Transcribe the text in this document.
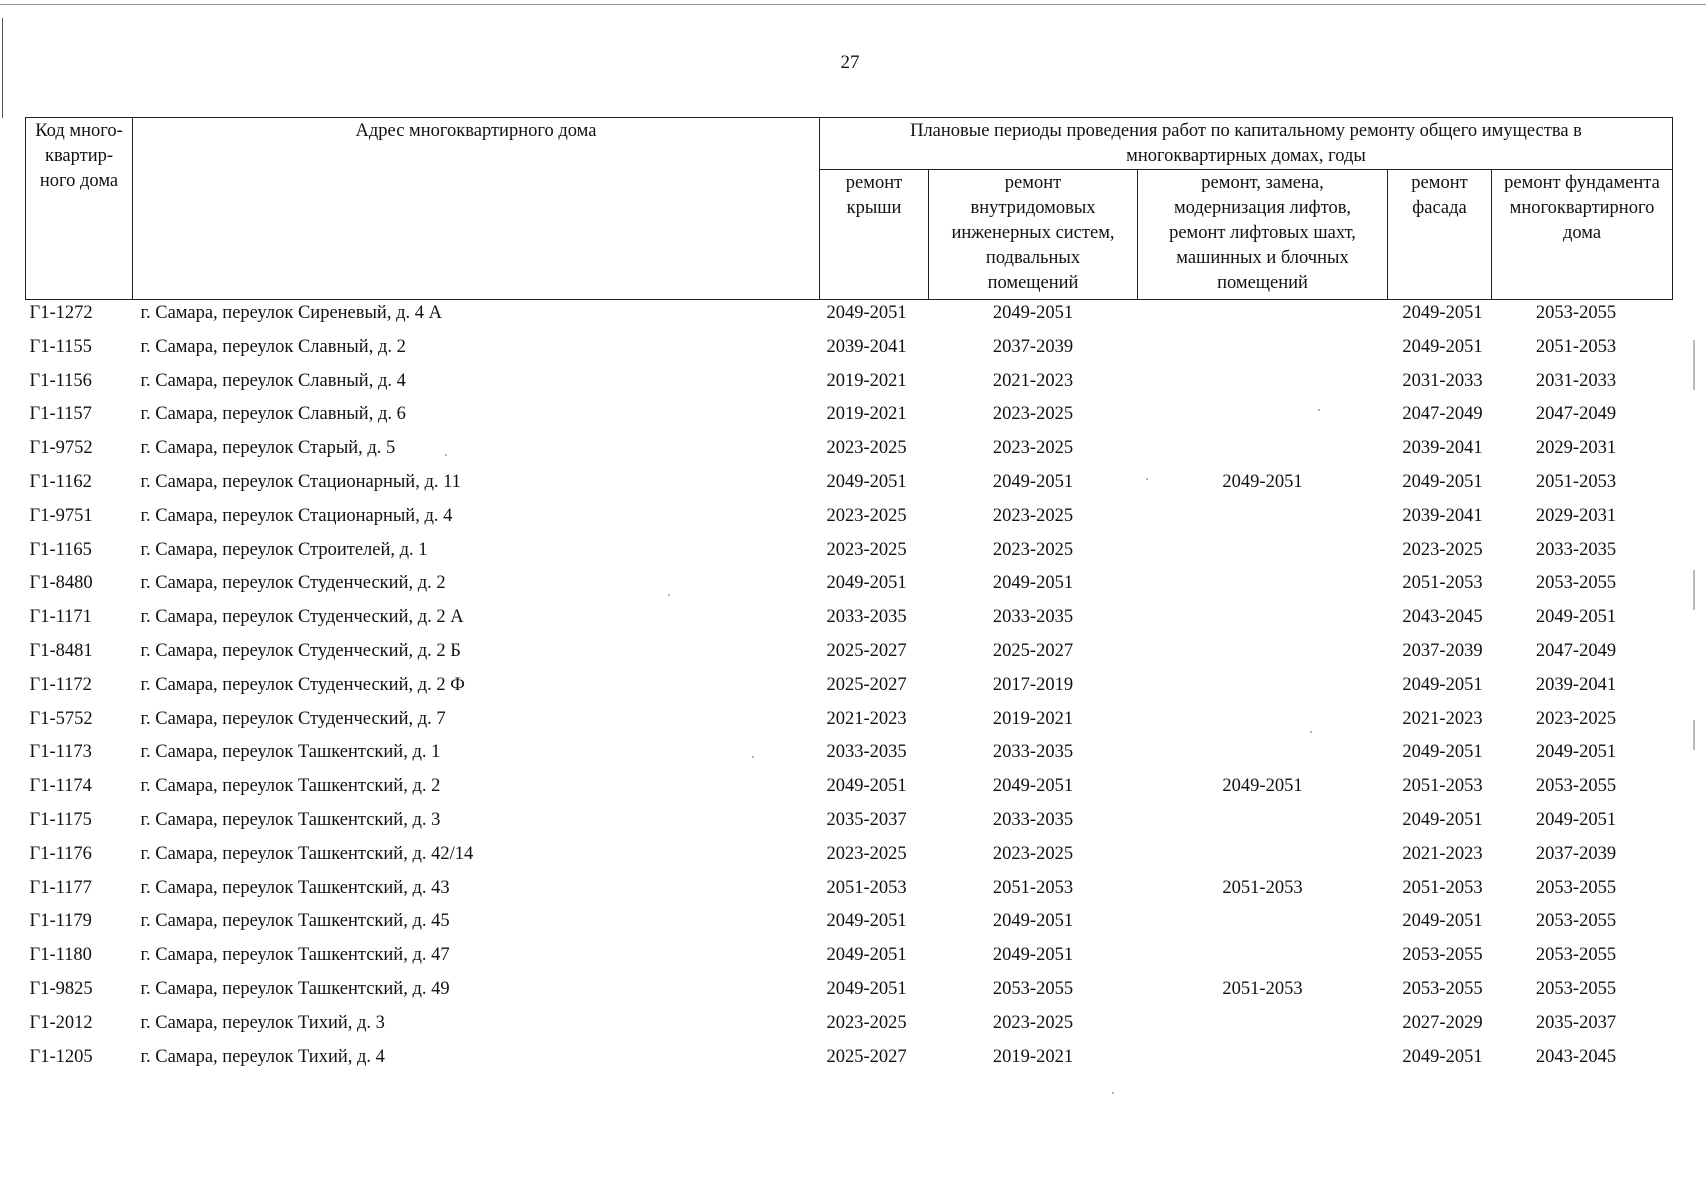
27
Код много-квартир-ного дома	Адрес многоквартирного дома	Плановые периоды проведения работ по капитальному ремонту общего имущества в многоквартирных домах, годы				
		ремонт крыши	ремонт внутридомовых инженерных систем, подвальных помещений	ремонт, замена, модернизация лифтов, ремонт лифтовых шахт, машинных и блочных помещений	ремонт фасада	ремонт фундамента многоквартирного дома
Г1-1272	г. Самара, переулок Сиреневый, д. 4 А	2049-2051	2049-2051		2049-2051	2053-2055
Г1-1155	г. Самара, переулок Славный, д. 2	2039-2041	2037-2039		2049-2051	2051-2053
Г1-1156	г. Самара, переулок Славный, д. 4	2019-2021	2021-2023		2031-2033	2031-2033
Г1-1157	г. Самара, переулок Славный, д. 6	2019-2021	2023-2025		2047-2049	2047-2049
Г1-9752	г. Самара, переулок Старый, д. 5	2023-2025	2023-2025		2039-2041	2029-2031
Г1-1162	г. Самара, переулок Стационарный, д. 11	2049-2051	2049-2051	2049-2051	2049-2051	2051-2053
Г1-9751	г. Самара, переулок Стационарный, д. 4	2023-2025	2023-2025		2039-2041	2029-2031
Г1-1165	г. Самара, переулок Строителей, д. 1	2023-2025	2023-2025		2023-2025	2033-2035
Г1-8480	г. Самара, переулок Студенческий, д. 2	2049-2051	2049-2051		2051-2053	2053-2055
Г1-1171	г. Самара, переулок Студенческий, д. 2 А	2033-2035	2033-2035		2043-2045	2049-2051
Г1-8481	г. Самара, переулок Студенческий, д. 2 Б	2025-2027	2025-2027		2037-2039	2047-2049
Г1-1172	г. Самара, переулок Студенческий, д. 2 Ф	2025-2027	2017-2019		2049-2051	2039-2041
Г1-5752	г. Самара, переулок Студенческий, д. 7	2021-2023	2019-2021		2021-2023	2023-2025
Г1-1173	г. Самара, переулок Ташкентский, д. 1	2033-2035	2033-2035		2049-2051	2049-2051
Г1-1174	г. Самара, переулок Ташкентский, д. 2	2049-2051	2049-2051	2049-2051	2051-2053	2053-2055
Г1-1175	г. Самара, переулок Ташкентский, д. 3	2035-2037	2033-2035		2049-2051	2049-2051
Г1-1176	г. Самара, переулок Ташкентский, д. 42/14	2023-2025	2023-2025		2021-2023	2037-2039
Г1-1177	г. Самара, переулок Ташкентский, д. 43	2051-2053	2051-2053	2051-2053	2051-2053	2053-2055
Г1-1179	г. Самара, переулок Ташкентский, д. 45	2049-2051	2049-2051		2049-2051	2053-2055
Г1-1180	г. Самара, переулок Ташкентский, д. 47	2049-2051	2049-2051		2053-2055	2053-2055
Г1-9825	г. Самара, переулок Ташкентский, д. 49	2049-2051	2053-2055	2051-2053	2053-2055	2053-2055
Г1-2012	г. Самара, переулок Тихий, д. 3	2023-2025	2023-2025		2027-2029	2035-2037
Г1-1205	г. Самара, переулок Тихий, д. 4	2025-2027	2019-2021		2049-2051	2043-2045
